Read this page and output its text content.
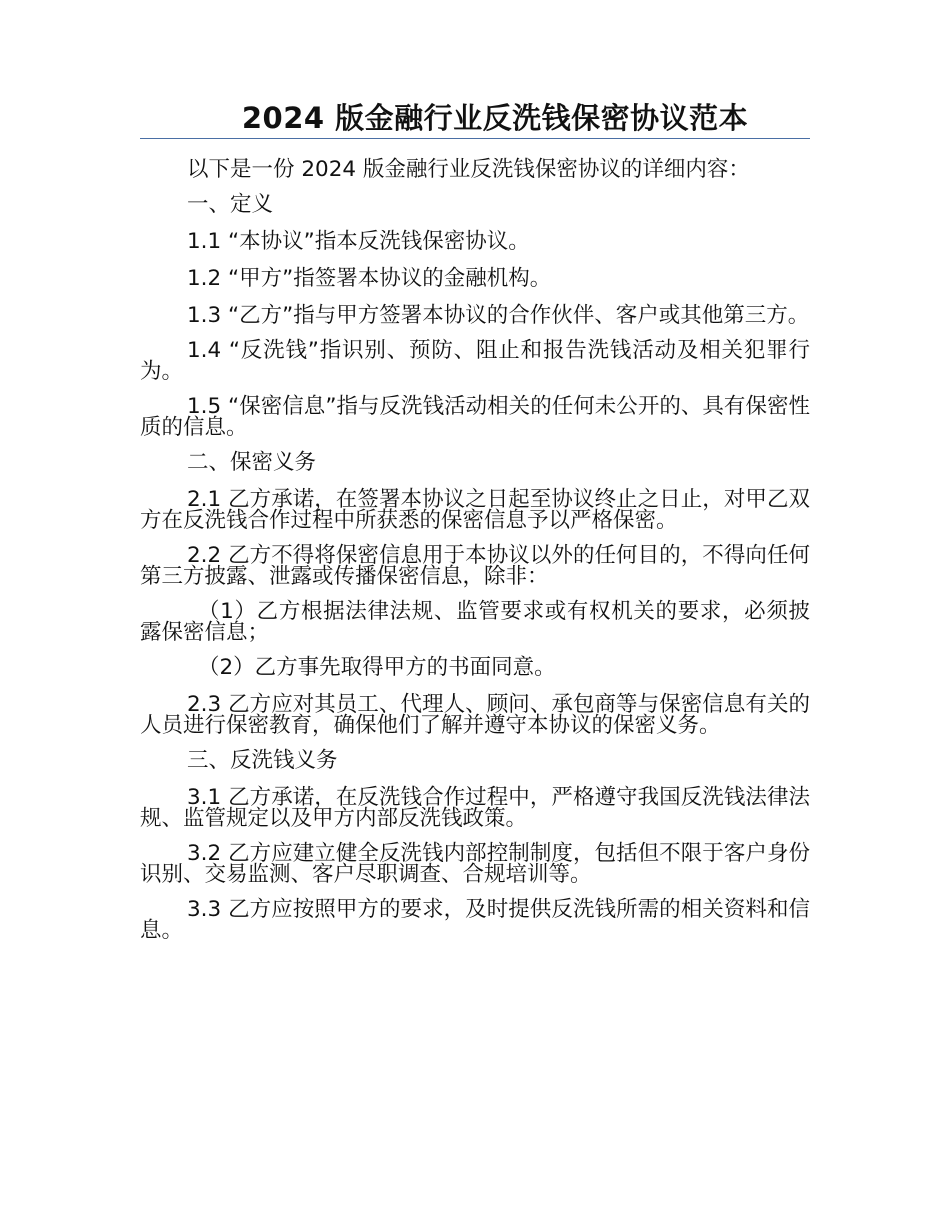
2024 版金融行业反洗钱保密协议范本

以下是一份 2024 版金融行业反洗钱保密协议的详细内容：

一、定义

1.1 “本协议”指本反洗钱保密协议。

1.2 “甲方”指签署本协议的金融机构。

1.3 “乙方”指与甲方签署本协议的合作伙伴、客户或其他第三方。

1.4 “反洗钱”指识别、预防、阻止和报告洗钱活动及相关犯罪行为。

1.5 “保密信息”指与反洗钱活动相关的任何未公开的、具有保密性质的信息。

二、保密义务

2.1 乙方承诺，在签署本协议之日起至协议终止之日止，对甲乙双方在反洗钱合作过程中所获悉的保密信息予以严格保密。

2.2 乙方不得将保密信息用于本协议以外的任何目的，不得向任何第三方披露、泄露或传播保密信息，除非：

（1）乙方根据法律法规、监管要求或有权机关的要求，必须披露保密信息；

（2）乙方事先取得甲方的书面同意。

2.3 乙方应对其员工、代理人、顾问、承包商等与保密信息有关的人员进行保密教育，确保他们了解并遵守本协议的保密义务。

三、反洗钱义务

3.1 乙方承诺，在反洗钱合作过程中，严格遵守我国反洗钱法律法规、监管规定以及甲方内部反洗钱政策。

3.2 乙方应建立健全反洗钱内部控制制度，包括但不限于客户身份识别、交易监测、客户尽职调查、合规培训等。

3.3 乙方应按照甲方的要求，及时提供反洗钱所需的相关资料和信息。
